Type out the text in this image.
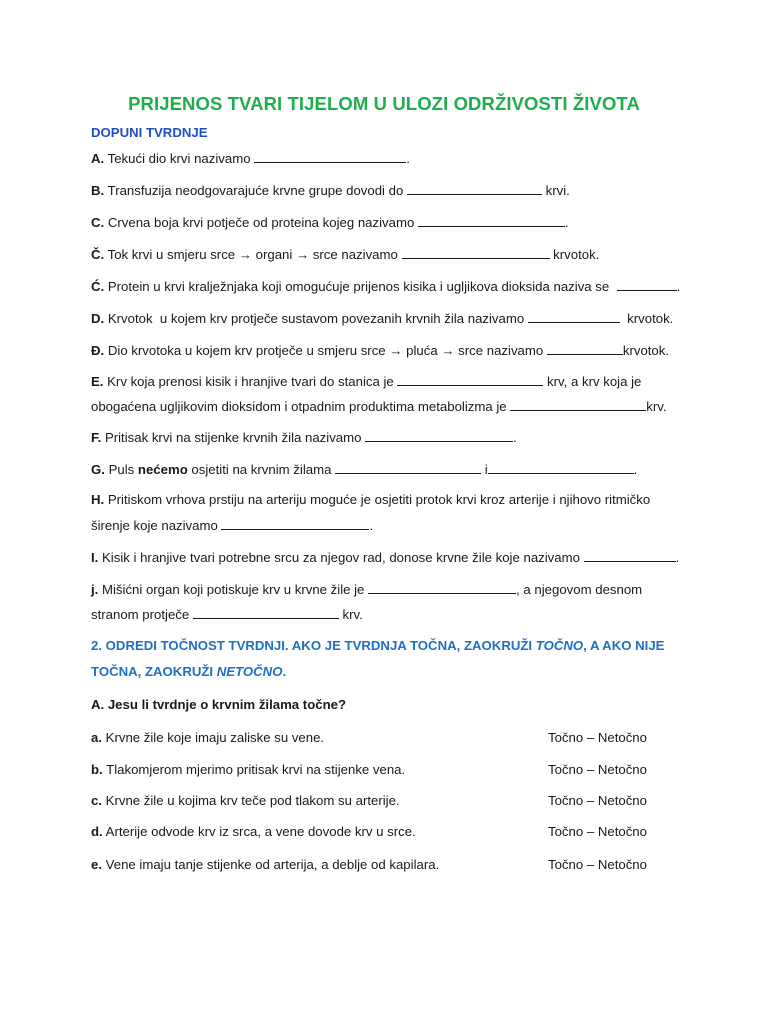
PRIJENOS TVARI TIJELOM U ULOZI ODRŽIVOSTI ŽIVOTA
DOPUNI TVRDNJE
A. Tekući dio krvi nazivamo	.
B. Transfuzija neodgovarajuće krvne grupe dovodi do	krvi.
C. Crvena boja krvi potječe od proteina kojeg nazivamo	.
Č. Tok krvi u smjeru srce → organi → srce nazivamo	krvotok.
Ć. Protein u krvi kralježnjaka koji omogućuje prijenos kisika i ugljikova dioksida naziva se	.
D. Krvotok  u kojem krv protječe sustavom povezanih krvnih žila nazivamo	krvotok.
Đ. Dio krvotoka u kojem krv protječe u smjeru srce → pluća → srce nazivamo	krvotok.
E. Krv koja prenosi kisik i hranjive tvari do stanica je	krv, a krv koja je
obogaćena ugljikovim dioksidom i otpadnim produktima metabolizma je	krv.
F. Pritisak krvi na stijenke krvnih žila nazivamo	.
G. Puls nećemo osjetiti na krvnim žilama	i	.
H. Pritiskom vrhova prstiju na arteriju moguće je osjetiti protok krvi kroz arterije i njihovo ritmičko
širenje koje nazivamo	.
I. Kisik i hranjive tvari potrebne srcu za njegov rad, donose krvne žile koje nazivamo	.
j. Mišićni organ koji potiskuje krv u krvne žile je	, a njegovom desnom
stranom protječe	krv.
2. ODREDI TOČNOST TVRDNJI. AKO JE TVRDNJA TOČNA, ZAOKRUŽI TOČNO, A AKO NIJE
TOČNA, ZAOKRUŽI NETOČNO.
A. Jesu li tvrdnje o krvnim žilama točne?
a. Krvne žile koje imaju zaliske su vene.	Točno – Netočno
b. Tlakomjerom mjerimo pritisak krvi na stijenke vena.	Točno – Netočno
c. Krvne žile u kojima krv teče pod tlakom su arterije.	Točno – Netočno
d. Arterije odvode krv iz srca, a vene dovode krv u srce.	Točno – Netočno
e. Vene imaju tanje stijenke od arterija, a deblje od kapilara.	Točno – Netočno
